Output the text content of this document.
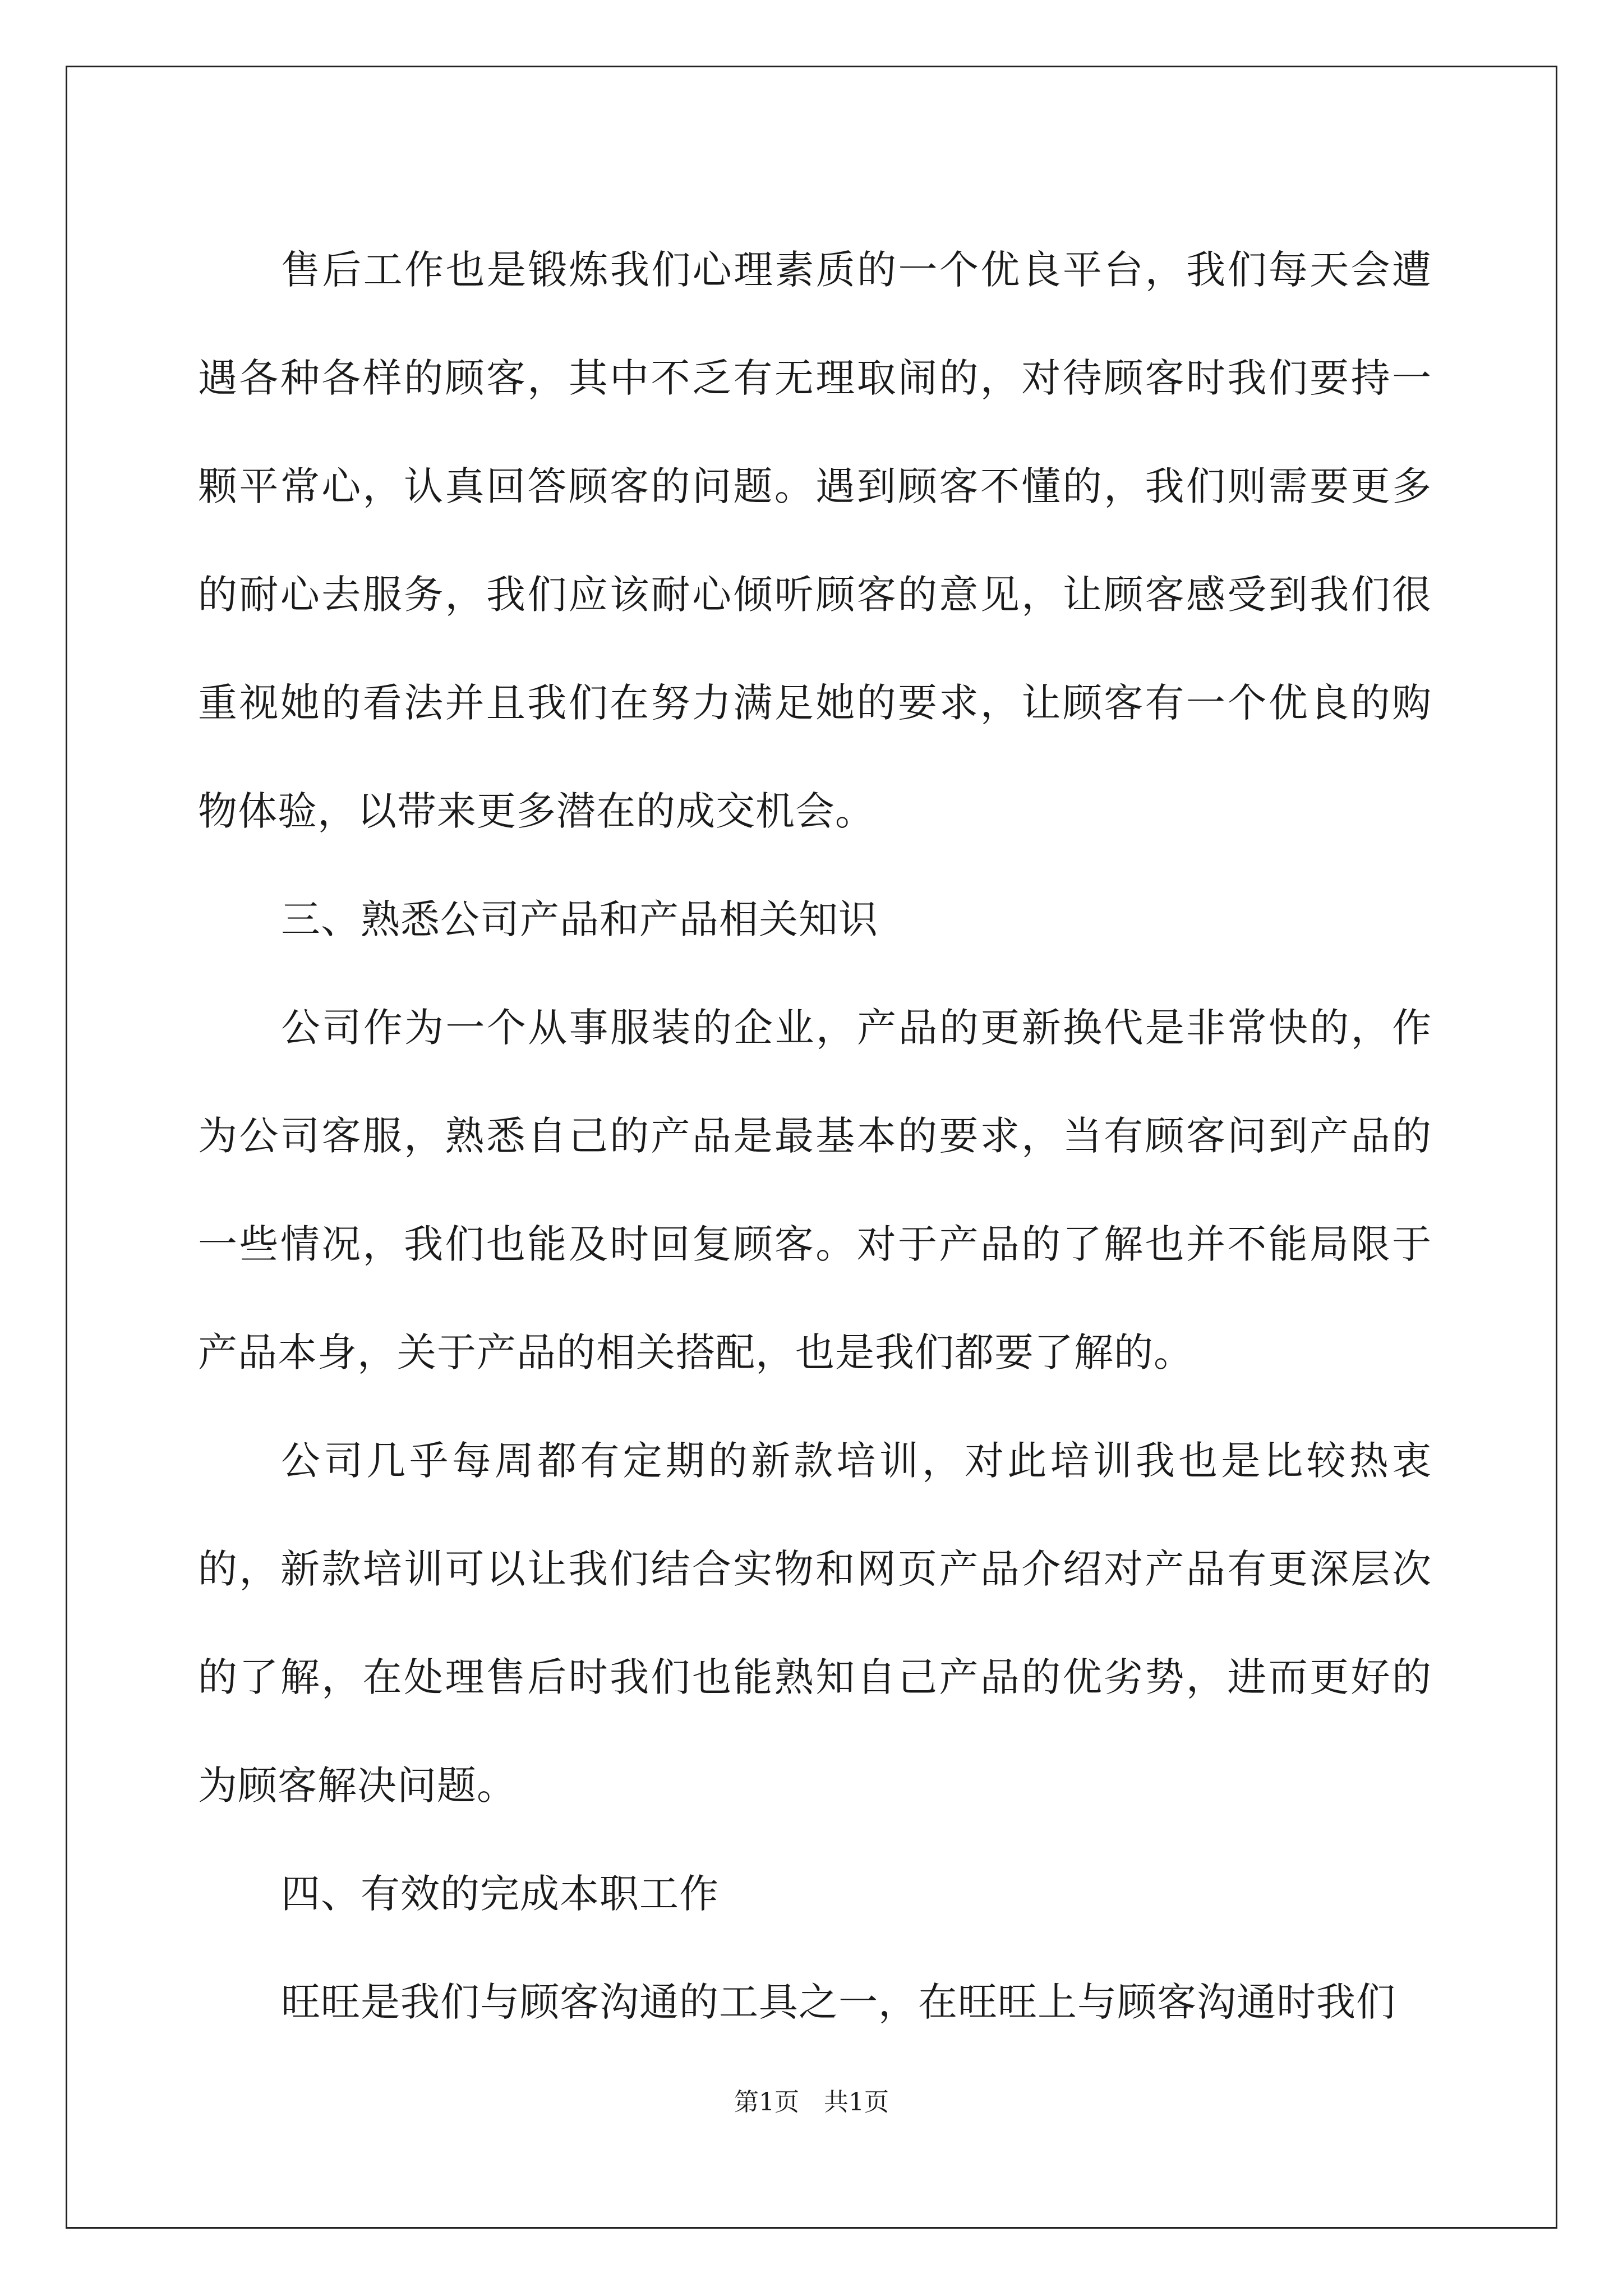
售后工作也是锻炼我们心理素质的一个优良平台，我们每天会遭遇各种各样的顾客，其中不乏有无理取闹的，对待顾客时我们要持一颗平常心，认真回答顾客的问题。遇到顾客不懂的，我们则需要更多的耐心去服务，我们应该耐心倾听顾客的意见，让顾客感受到我们很重视她的看法并且我们在努力满足她的要求，让顾客有一个优良的购物体验，以带来更多潜在的成交机会。

三、熟悉公司产品和产品相关知识

公司作为一个从事服装的企业，产品的更新换代是非常快的，作为公司客服，熟悉自己的产品是最基本的要求，当有顾客问到产品的一些情况，我们也能及时回复顾客。对于产品的了解也并不能局限于产品本身，关于产品的相关搭配，也是我们都要了解的。

公司几乎每周都有定期的新款培训，对此培训我也是比较热衷的，新款培训可以让我们结合实物和网页产品介绍对产品有更深层次的了解，在处理售后时我们也能熟知自己产品的优劣势，进而更好的为顾客解决问题。

四、有效的完成本职工作

旺旺是我们与顾客沟通的工具之一，在旺旺上与顾客沟通时我们

第1页 共1页
